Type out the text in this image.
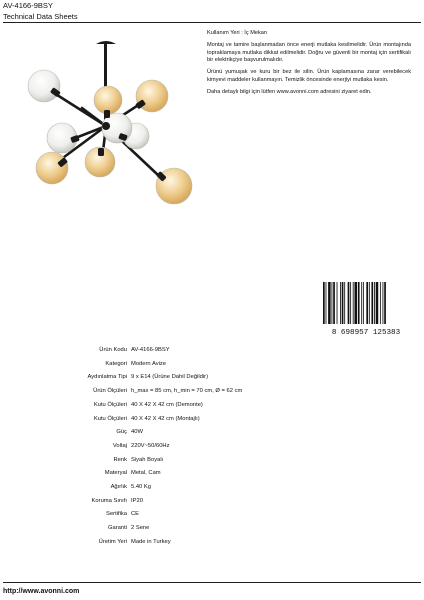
AV-4166-9BSY
Technical Data Sheets

Kullanım Yeri : İç Mekan

Montaj ve tamire başlanmadan önce enerji mutlaka kesilmelidir. Ürün montajında topraklamaya mutlaka dikkat edilmelidir. Doğru ve güvenli bir montaj için sertifikalı bir elektrikçiye başvurulmalıdır.

Ürünü yumuşak ve kuru bir bez ile silin. Ürün kaplamasına zarar verebilecek kimyevi maddeler kullanmayın. Temizlik öncesinde enerjiyi mutlaka kesin.

Daha detaylı bilgi için lütfen www.avonni.com adresini ziyaret edin.

8 698957 125383
Ürün Kodu AV-4166-9BSY
Kategori Modern Avize
Aydınlatma Tipi 9 x E14 (Ürüne Dahil Değildir)
Ürün Ölçüleri h_max = 85 cm, h_min = 70 cm, Ø = 62 cm
Kutu Ölçüleri 40 X 42 X 42 cm (Demonte)
Kutu Ölçüleri 40 X 42 X 42 cm (Montajlı)
Güç 40W
Voltaj 220V~50/60Hz
Renk Siyah Boyalı
Materyal Metal, Cam
Ağırlık 5.40 Kg
Koruma Sınıfı IP20
Sertifika CE
Garanti 2 Sene
Üretim Yeri Made in Turkey
http://www.avonni.com
